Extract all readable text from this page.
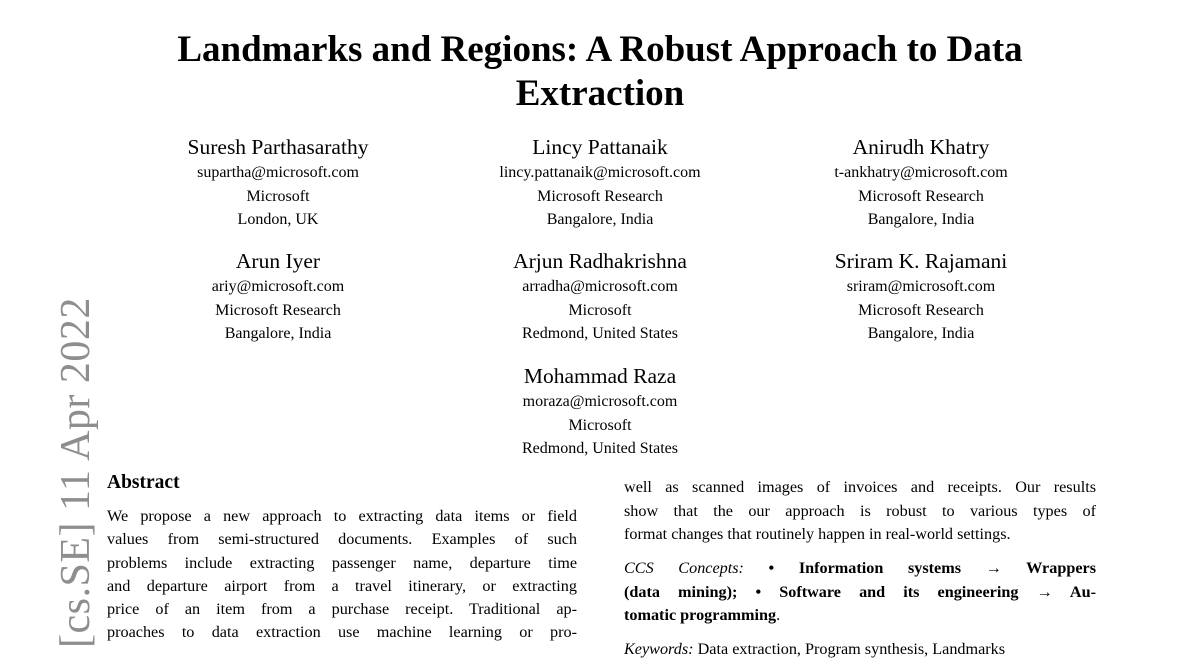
[cs.SE] 11 Apr 2022
Landmarks and Regions: A Robust Approach to Data Extraction
Suresh Parthasarathy
supartha@microsoft.com
Microsoft
London, UK
Lincy Pattanaik
lincy.pattanaik@microsoft.com
Microsoft Research
Bangalore, India
Anirudh Khatry
t-ankhatry@microsoft.com
Microsoft Research
Bangalore, India
Arun Iyer
ariy@microsoft.com
Microsoft Research
Bangalore, India
Arjun Radhakrishna
arradha@microsoft.com
Microsoft
Redmond, United States
Sriram K. Rajamani
sriram@microsoft.com
Microsoft Research
Bangalore, India
Mohammad Raza
moraza@microsoft.com
Microsoft
Redmond, United States
Abstract
We propose a new approach to extracting data items or field
values from semi-structured documents. Examples of such
problems include extracting passenger name, departure time
and departure airport from a travel itinerary, or extracting
price of an item from a purchase receipt. Traditional ap-
proaches to data extraction use machine learning or pro-
well as scanned images of invoices and receipts. Our results
show that the our approach is robust to various types of
format changes that routinely happen in real-world settings.
CCS Concepts: • Information systems → Wrappers
(data mining); • Software and its engineering → Au-
tomatic programming.
Keywords: Data extraction, Program synthesis, Landmarks
